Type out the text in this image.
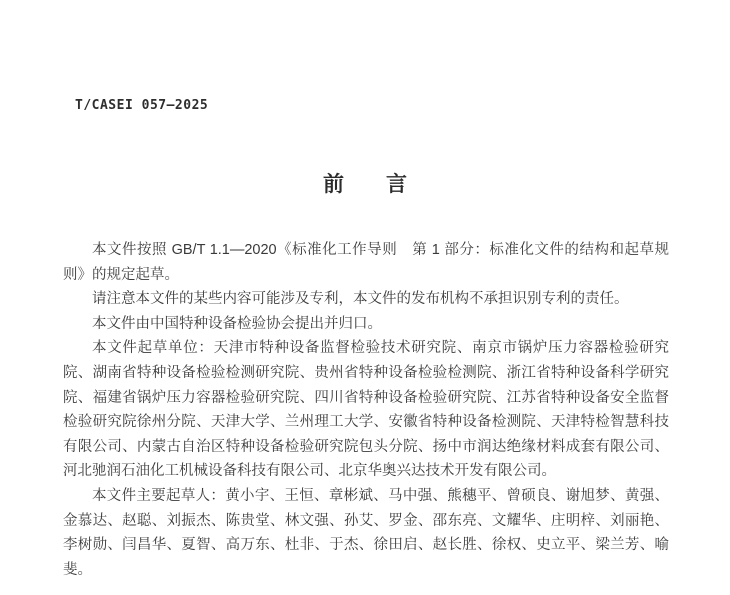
T/CASEI 057—2025
前　　言

本文件按照 GB/T 1.1—2020《标准化工作导则　第 1 部分：标准化文件的结构和起草规则》的规定起草。

请注意本文件的某些内容可能涉及专利，本文件的发布机构不承担识别专利的责任。

本文件由中国特种设备检验协会提出并归口。

本文件起草单位：天津市特种设备监督检验技术研究院、南京市锅炉压力容器检验研究院、湖南省特种设备检验检测研究院、贵州省特种设备检验检测院、浙江省特种设备科学研究院、福建省锅炉压力容器检验研究院、四川省特种设备检验研究院、江苏省特种设备安全监督检验研究院徐州分院、天津大学、兰州理工大学、安徽省特种设备检测院、天津特检智慧科技有限公司、内蒙古自治区特种设备检验研究院包头分院、扬中市润达绝缘材料成套有限公司、河北驰润石油化工机械设备科技有限公司、北京华奥兴达技术开发有限公司。

本文件主要起草人：黄小宇、王恒、章彬斌、马中强、熊穗平、曾硕良、谢旭梦、黄强、金慕达、赵聪、刘振杰、陈贵堂、林文强、孙艾、罗金、邵东亮、文耀华、庄明梓、刘丽艳、李树勋、闫昌华、夏智、高万东、杜非、于杰、徐田启、赵长胜、徐权、史立平、梁兰芳、喻斐。
